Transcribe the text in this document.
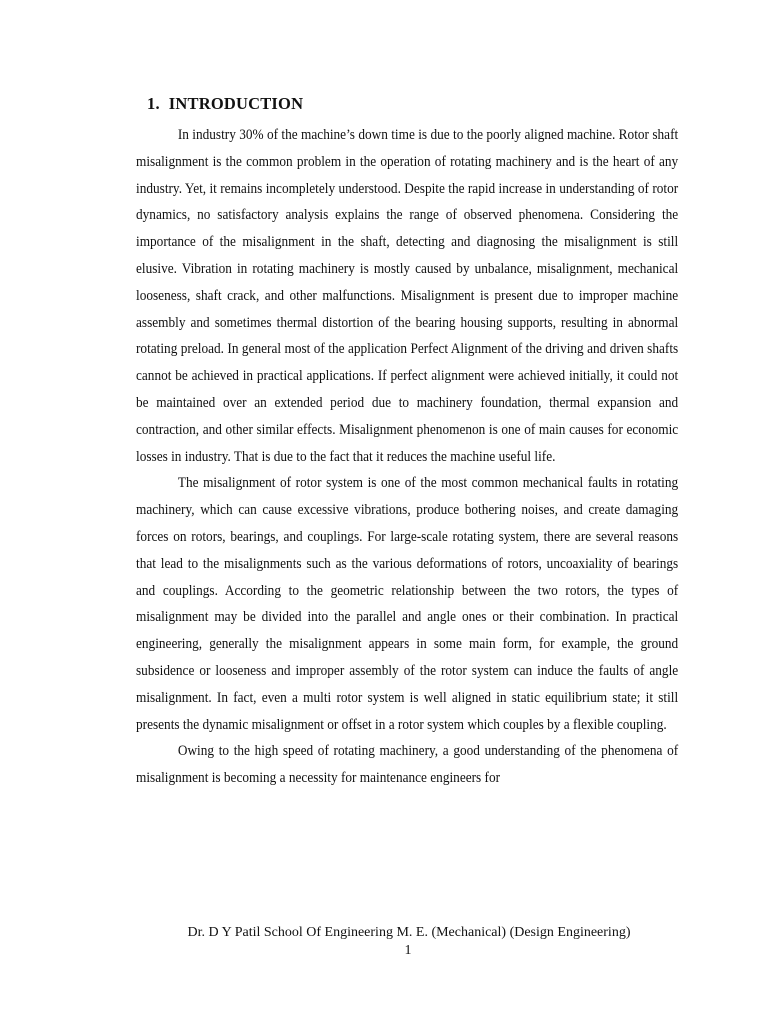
1. INTRODUCTION

In industry 30% of the machine’s down time is due to the poorly aligned machine. Rotor shaft misalignment is the common problem in the operation of rotating machinery and is the heart of any industry. Yet, it remains incompletely understood. Despite the rapid increase in understanding of rotor dynamics, no satisfactory analysis explains the range of observed phenomena. Considering the importance of the misalignment in the shaft, detecting and diagnosing the misalignment is still elusive. Vibration in rotating machinery is mostly caused by unbalance, misalignment, mechanical looseness, shaft crack, and other malfunctions. Misalignment is present due to improper machine assembly and sometimes thermal distortion of the bearing housing supports, resulting in abnormal rotating preload. In general most of the application Perfect Alignment of the driving and driven shafts cannot be achieved in practical applications. If perfect alignment were achieved initially, it could not be maintained over an extended period due to machinery foundation, thermal expansion and contraction, and other similar effects. Misalignment phenomenon is one of main causes for economic losses in industry. That is due to the fact that it reduces the machine useful life.

The misalignment of rotor system is one of the most common mechanical faults in rotating machinery, which can cause excessive vibrations, produce bothering noises, and create damaging forces on rotors, bearings, and couplings. For large-scale rotating system, there are several reasons that lead to the misalignments such as the various deformations of rotors, uncoaxiality of bearings and couplings. According to the geometric relationship between the two rotors, the types of misalignment may be divided into the parallel and angle ones or their combination. In practical engineering, generally the misalignment appears in some main form, for example, the ground subsidence or looseness and improper assembly of the rotor system can induce the faults of angle misalignment. In fact, even a multi rotor system is well aligned in static equilibrium state; it still presents the dynamic misalignment or offset in a rotor system which couples by a flexible coupling.

Owing to the high speed of rotating machinery, a good understanding of the phenomena of misalignment is becoming a necessity for maintenance engineers for

Dr. D Y Patil School Of Engineering M. E. (Mechanical) (Design Engineering)

1
